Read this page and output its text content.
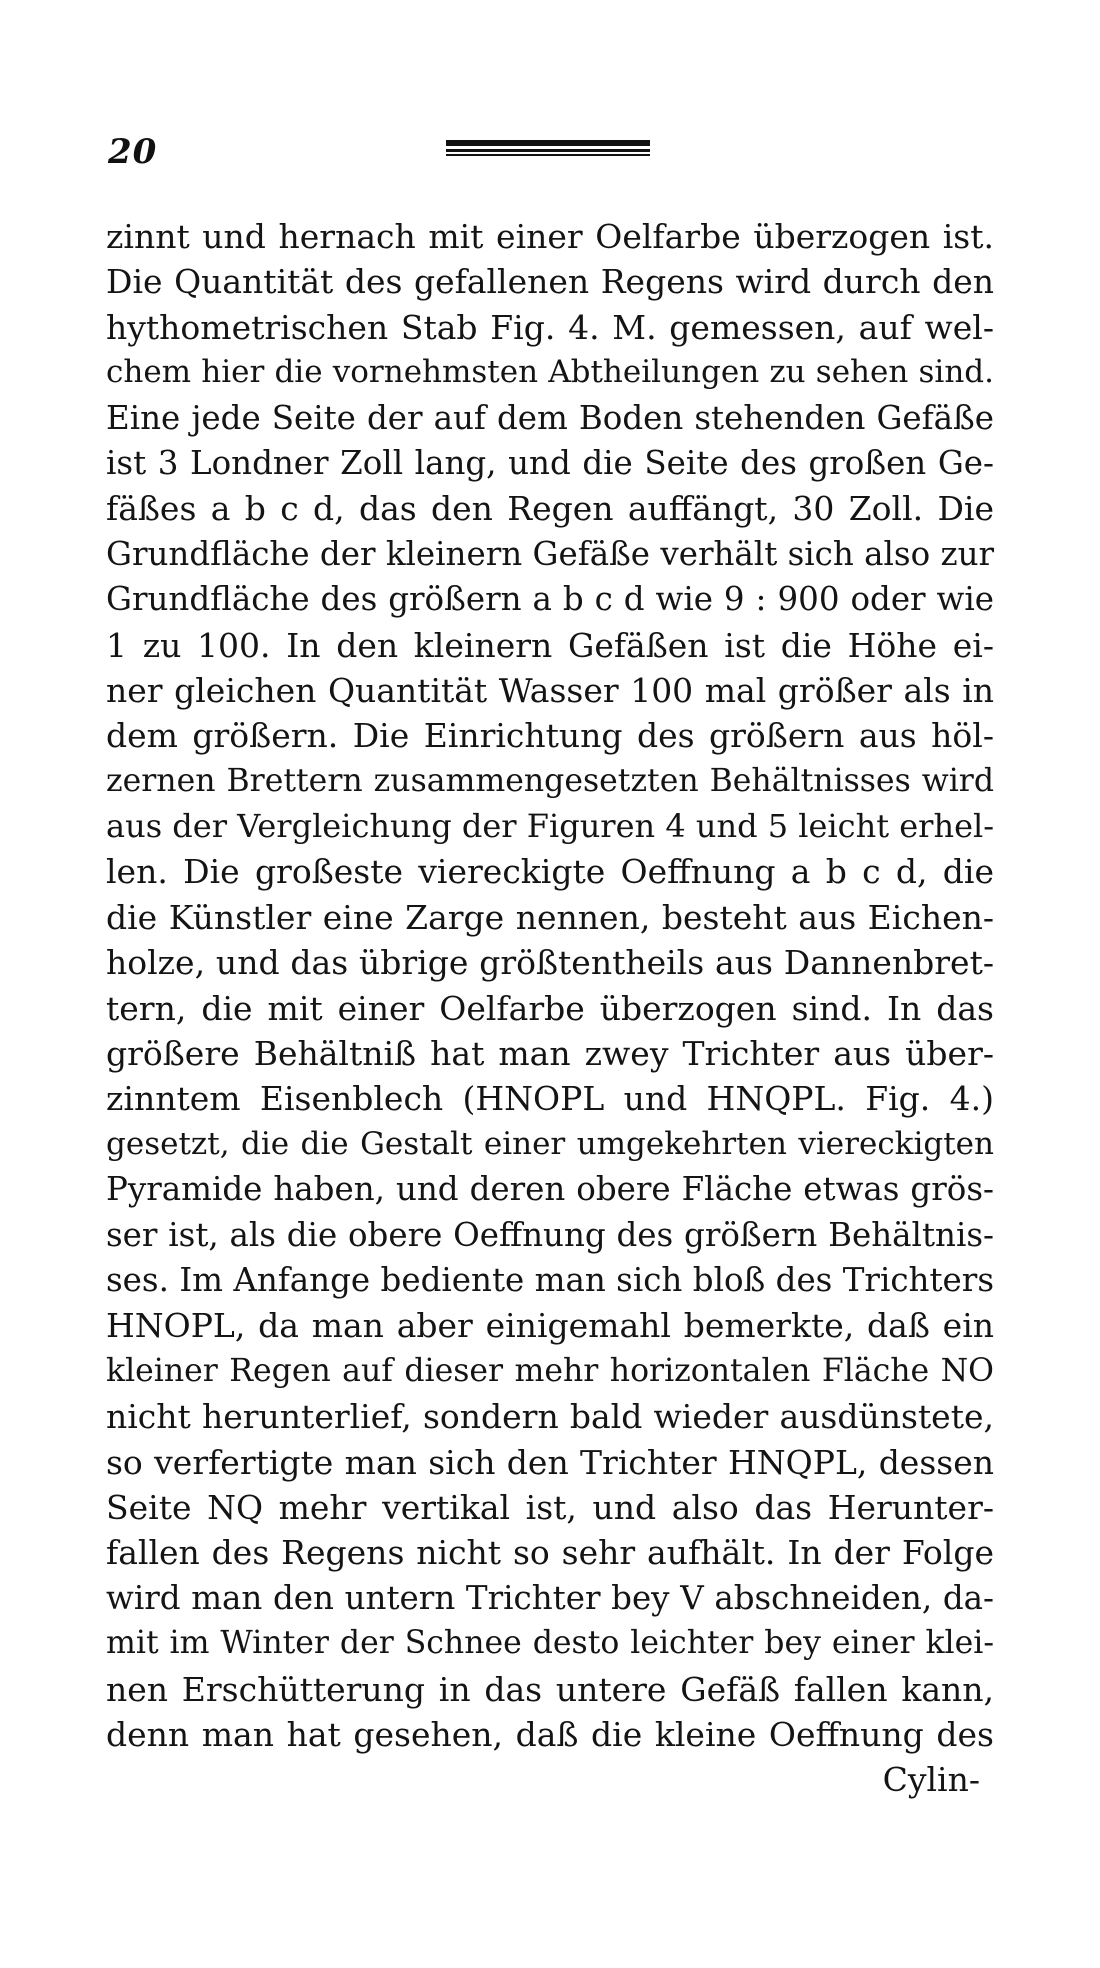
20
zinnt und hernach mit einer Oelfarbe überzogen ist.
Die Quantität des gefallenen Regens wird durch den
hythometrischen Stab Fig. 4. M. gemessen, auf wel-
chem hier die vornehmsten Abtheilungen zu sehen sind.
Eine jede Seite der auf dem Boden stehenden Gefäße
ist 3 Londner Zoll lang, und die Seite des großen Ge-
fäßes a b c d, das den Regen auffängt, 30 Zoll. Die
Grundfläche der kleinern Gefäße verhält sich also zur
Grundfläche des größern a b c d wie 9 : 900 oder wie
1 zu 100. In den kleinern Gefäßen ist die Höhe ei-
ner gleichen Quantität Wasser 100 mal größer als in
dem größern. Die Einrichtung des größern aus höl-
zernen Brettern zusammengesetzten Behältnisses wird
aus der Vergleichung der Figuren 4 und 5 leicht erhel-
len. Die großeste viereckigte Oeffnung a b c d, die
die Künstler eine Zarge nennen, besteht aus Eichen-
holze, und das übrige größtentheils aus Dannenbret-
tern, die mit einer Oelfarbe überzogen sind. In das
größere Behältniß hat man zwey Trichter aus über-
zinntem Eisenblech (HNOPL und HNQPL. Fig. 4.)
gesetzt, die die Gestalt einer umgekehrten viereckigten
Pyramide haben, und deren obere Fläche etwas grös-
ser ist, als die obere Oeffnung des größern Behältnis-
ses. Im Anfange bediente man sich bloß des Trichters
HNOPL, da man aber einigemahl bemerkte, daß ein
kleiner Regen auf dieser mehr horizontalen Fläche NO
nicht herunterlief, sondern bald wieder ausdünstete,
so verfertigte man sich den Trichter HNQPL, dessen
Seite NQ mehr vertikal ist, und also das Herunter-
fallen des Regens nicht so sehr aufhält. In der Folge
wird man den untern Trichter bey V abschneiden, da-
mit im Winter der Schnee desto leichter bey einer klei-
nen Erschütterung in das untere Gefäß fallen kann,
denn man hat gesehen, daß die kleine Oeffnung des
Cylin-
